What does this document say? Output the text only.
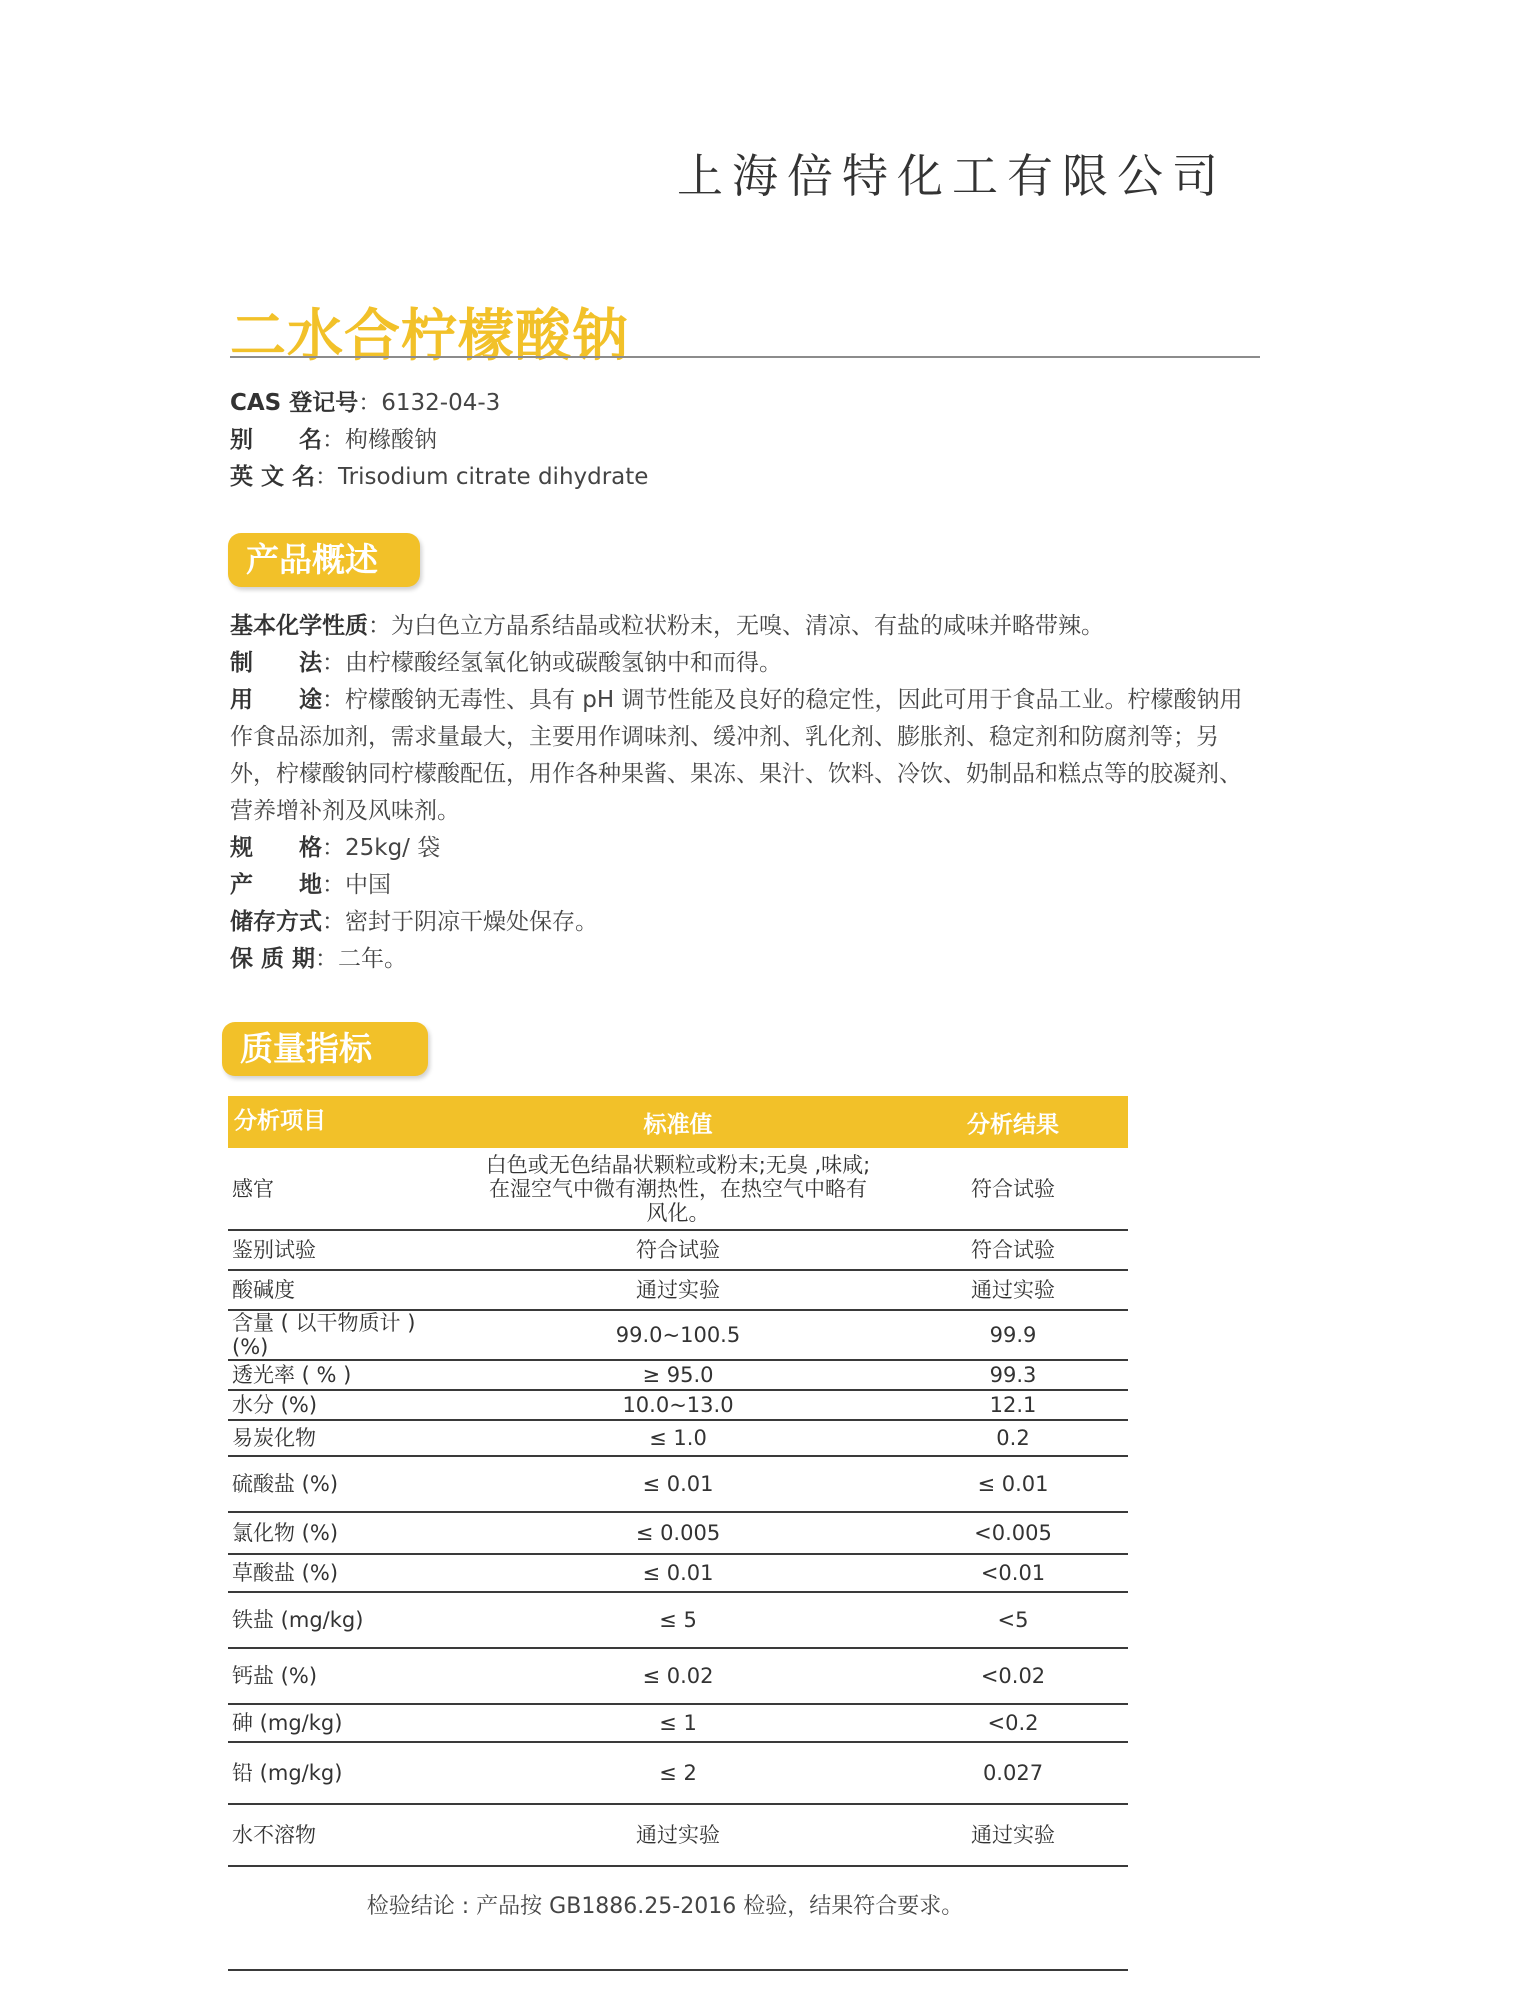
上海倍特化工有限公司
二水合柠檬酸钠
CAS 登记号：6132-04-3
别　　名：枸橼酸钠
英 文 名：Trisodium citrate dihydrate
产品概述

基本化学性质：为白色立方晶系结晶或粒状粉末，无嗅、清凉、有盐的咸味并略带辣。

制　　法：由柠檬酸经氢氧化钠或碳酸氢钠中和而得。

用　　途：柠檬酸钠无毒性、具有 pH 调节性能及良好的稳定性，因此可用于食品工业。柠檬酸钠用作食品添加剂，需求量最大，主要用作调味剂、缓冲剂、乳化剂、膨胀剂、稳定剂和防腐剂等；另外，柠檬酸钠同柠檬酸配伍，用作各种果酱、果冻、果汁、饮料、冷饮、奶制品和糕点等的胶凝剂、营养增补剂及风味剂。

规　　格：25kg/ 袋

产　　地：中国

储存方式：密封于阴凉干燥处保存。

保 质 期：二年。

质量指标
分析项目	标准值	分析结果
感官	白色或无色结晶状颗粒或粉末;无臭 ,味咸;
在湿空气中微有潮热性，在热空气中略有
风化。	符合试验
鉴别试验	符合试验	符合试验
酸碱度	通过实验	通过实验
含量 ( 以干物质计 ) (%)	99.0~100.5	99.9
透光率 ( % )	≥ 95.0	99.3
水分 (%)	10.0~13.0	12.1
易炭化物	≤ 1.0	0.2
硫酸盐 (%)	≤ 0.01	≤ 0.01
氯化物 (%)	≤ 0.005	<0.005
草酸盐 (%)	≤ 0.01	<0.01
铁盐 (mg/kg)	≤ 5	<5
钙盐 (%)	≤ 0.02	<0.02
砷 (mg/kg)	≤ 1	<0.2
铅 (mg/kg)	≤ 2	0.027
水不溶物	通过实验	通过实验
检验结论 : 产品按 GB1886.25-2016 检验，结果符合要求。
